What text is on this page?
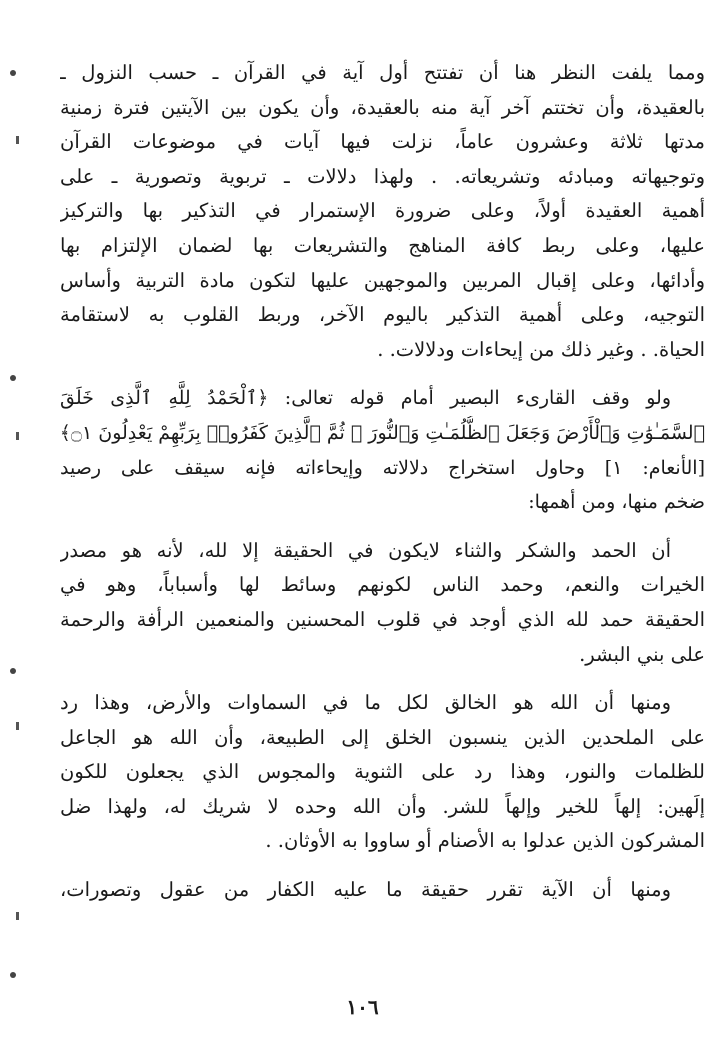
ومما يلفت النظر هنا أن تفتتح أول آية في القرآن ـ حسب النزول ـ
بالعقيدة، وأن تختتم آخر آية منه بالعقيدة، وأن يكون بين الآيتين فترة زمنية
مدتها ثلاثة وعشرون عاماً، نزلت فيها آيات في موضوعات القرآن
وتوجيهاته ومبادئه وتشريعاته. . ولهذا دلالات ـ تربوية وتصورية ـ على
أهمية العقيدة أولاً، وعلى ضرورة الإستمرار في التذكير بها والتركيز
عليها، وعلى ربط كافة المناهج والتشريعات بها لضمان الإلتزام بها
وأدائها، وعلى إقبال المربين والموجهين عليها لتكون مادة التربية وأساس
التوجيه، وعلى أهمية التذكير باليوم الآخر، وربط القلوب به لاستقامة
الحياة. . وغير ذلك من إيحاءات ودلالات. .
ولو وقف القارىء البصير أمام قوله تعالى: ﴿ٱلْحَمْدُ لِلَّهِ ٱلَّذِى خَلَقَ
ٱلسَّمَـٰوَٰتِ وَٱلْأَرْضَ وَجَعَلَ ٱلظُّلُمَـٰتِ وَٱلنُّورَ ۖ ثُمَّ ٱلَّذِينَ كَفَرُوا۟ بِرَبِّهِمْ يَعْدِلُونَ ۝١﴾
[الأنعام: ١] وحاول استخراج دلالاته وإيحاءاته فإنه سيقف على رصيد
ضخم منها، ومن أهمها:
أن الحمد والشكر والثناء لايكون في الحقيقة إلا لله، لأنه هو مصدر
الخيرات والنعم، وحمد الناس لكونهم وسائط لها وأسباباً، وهو في
الحقيقة حمد لله الذي أوجد في قلوب المحسنين والمنعمين الرأفة والرحمة
على بني البشر.
ومنها أن الله هو الخالق لكل ما في السماوات والأرض، وهذا رد
على الملحدين الذين ينسبون الخلق إلى الطبيعة، وأن الله هو الجاعل
للظلمات والنور، وهذا رد على الثنوية والمجوس الذي يجعلون للكون
إلَهين: إلهاً للخير وإلهاً للشر. وأن الله وحده لا شريك له، ولهذا ضل
المشركون الذين عدلوا به الأصنام أو ساووا به الأوثان. .
ومنها أن الآية تقرر حقيقة ما عليه الكفار من عقول وتصورات،
١٠٦
